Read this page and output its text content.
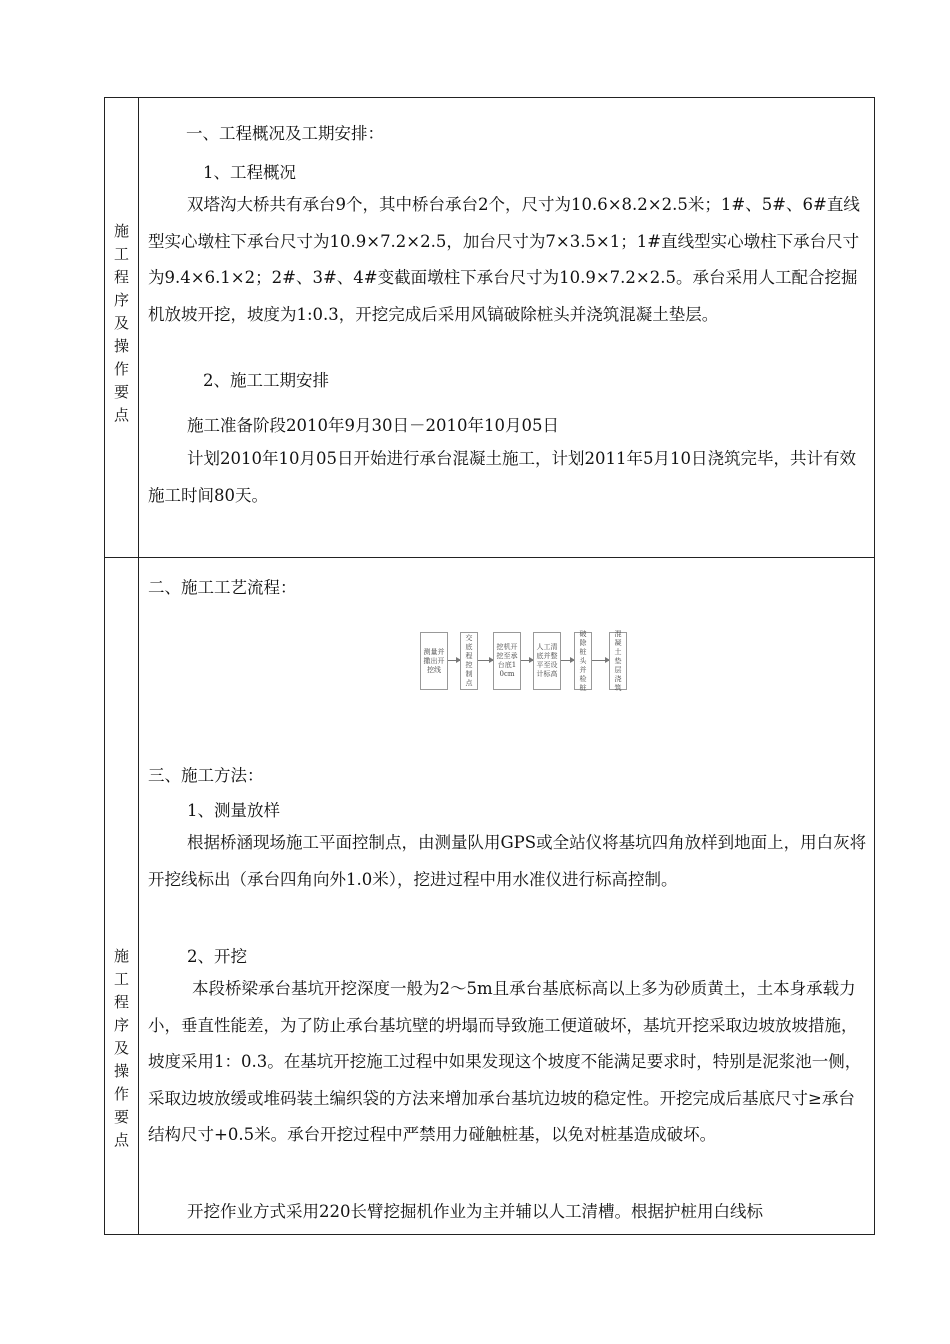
施
工
程
序
及
操
作
要
点
施
工
程
序
及
操
作
要
点
一、工程概况及工期安排：
1、工程概况
双塔沟大桥共有承台9个，其中桥台承台2个，尺寸为10.6×8.2×2.5米；1#、5#、6#直线型实心墩柱下承台尺寸为10.9×7.2×2.5，加台尺寸为7×3.5×1；1#直线型实心墩柱下承台尺寸为9.4×6.1×2；2#、3#、4#变截面墩柱下承台尺寸为10.9×7.2×2.5。承台采用人工配合挖掘机放坡开挖，坡度为1:0.3，开挖完成后采用风镐破除桩头并浇筑混凝土垫层。
2、施工工期安排
施工准备阶段2010年9月30日－2010年10月05日
计划2010年10月05日开始进行承台混凝土施工，计划2011年5月10日浇筑完毕，共计有效施工时间80天。
二、施工工艺流程：
测量并撒出开挖线
交底程控制点
挖机开挖至承台底10cm
人工清底并整平至设计标高
破除桩头并检桩
混凝土垫层浇筑
三、施工方法：
1、测量放样
根据桥涵现场施工平面控制点，由测量队用GPS或全站仪将基坑四角放样到地面上，用白灰将开挖线标出（承台四角向外1.0米），挖进过程中用水准仪进行标高控制。
2、开挖
本段桥梁承台基坑开挖深度一般为2～5m且承台基底标高以上多为砂质黄土，土本身承载力小，垂直性能差，为了防止承台基坑壁的坍塌而导致施工便道破坏，基坑开挖采取边坡放坡措施，坡度采用1：0.3。在基坑开挖施工过程中如果发现这个坡度不能满足要求时，特别是泥浆池一侧，采取边坡放缓或堆码装土编织袋的方法来增加承台基坑边坡的稳定性。开挖完成后基底尺寸≥承台结构尺寸+0.5米。承台开挖过程中严禁用力碰触桩基，以免对桩基造成破坏。
开挖作业方式采用220长臂挖掘机作业为主并辅以人工清槽。根据护桩用白线标
